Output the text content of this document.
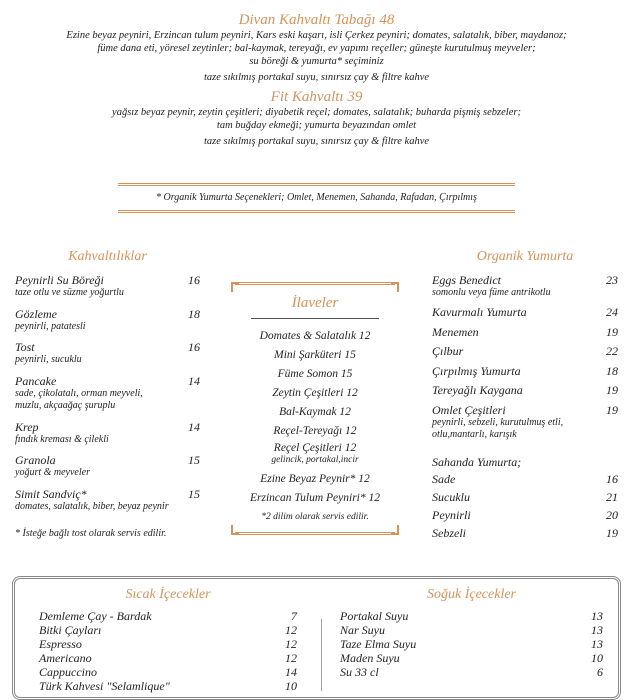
Divan Kahvaltı Tabağı 48
Ezine beyaz peyniri, Erzincan tulum peyniri, Kars eski kaşarı, isli Çerkez peyniri; domates, salatalık, biber, maydanoz;
füme dana eti, yöresel zeytinler; bal-kaymak, tereyağı, ev yapımı reçeller; güneşte kurutulmuş meyveler;
su böreği & yumurta* seçiminiz
taze sıkılmış portakal suyu, sınırsız çay & filtre kahve
Fit Kahvaltı 39
yağsız beyaz peynir, zeytin çeşitleri; diyabetik reçel; domates, salatalık; buharda pişmiş sebzeler;
tam buğday ekmeği; yumurta beyazından omlet
taze sıkılmış portakal suyu, sınırsız çay & filtre kahve
* Organik Yumurta Seçenekleri; Omlet, Menemen, Sahanda, Rafadan, Çırpılmış
Kahvaltılıklar
Peynirli Su Böreği	16
taze otlu ve süzme yoğurtlu
Gözleme	18
peynirli, patatesli
Tost	16
peynirli, sucuklu
Pancake	14
sade, çikolatalı, orman meyveli, muzlu, akçaağaç şuruplu
Krep	14
fındık kreması & çilekli
Granola	15
yoğurt & meyveler
Simit Sandviç*	15
domates, salatalık, biber, beyaz peynir
* İsteğe bağlı tost olarak servis edilir.
İlaveler
Domates & Salatalık 12
Mini Şarküteri 15
Füme Somon 15
Zeytin Çeşitleri 12
Bal-Kaymak 12
Reçel-Tereyağı 12
Reçel Çeşitleri 12
gelincik, portakal,incir
Ezine Beyaz Peynir* 12
Erzincan Tulum Peyniri* 12
*2 dilim olarak servis edilir.
Organik Yumurta
Eggs Benedict	23
somonlu veya füme antrikotlu
Kavurmalı Yumurta	24
Menemen	19
Çılbur	22
Çırpılmış Yumurta	18
Tereyağlı Kaygana	19
Omlet Çeşitleri	19
peynirli, sebzeli, kurutulmuş etli, otlu,mantarlı, karışık
Sahanda Yumurta;
Sade	16
Sucuklu	21
Peynirli	20
Sebzeli	19
Sıcak İçecekler
Demleme Çay - Bardak	7
Bitki Çayları	12
Espresso	12
Americano	12
Cappuccino	14
Türk Kahvesi "Selamlique"	10
Soğuk İçecekler
Portakal Suyu	13
Nar Suyu	13
Taze Elma Suyu	13
Maden Suyu	10
Su 33 cl	6
